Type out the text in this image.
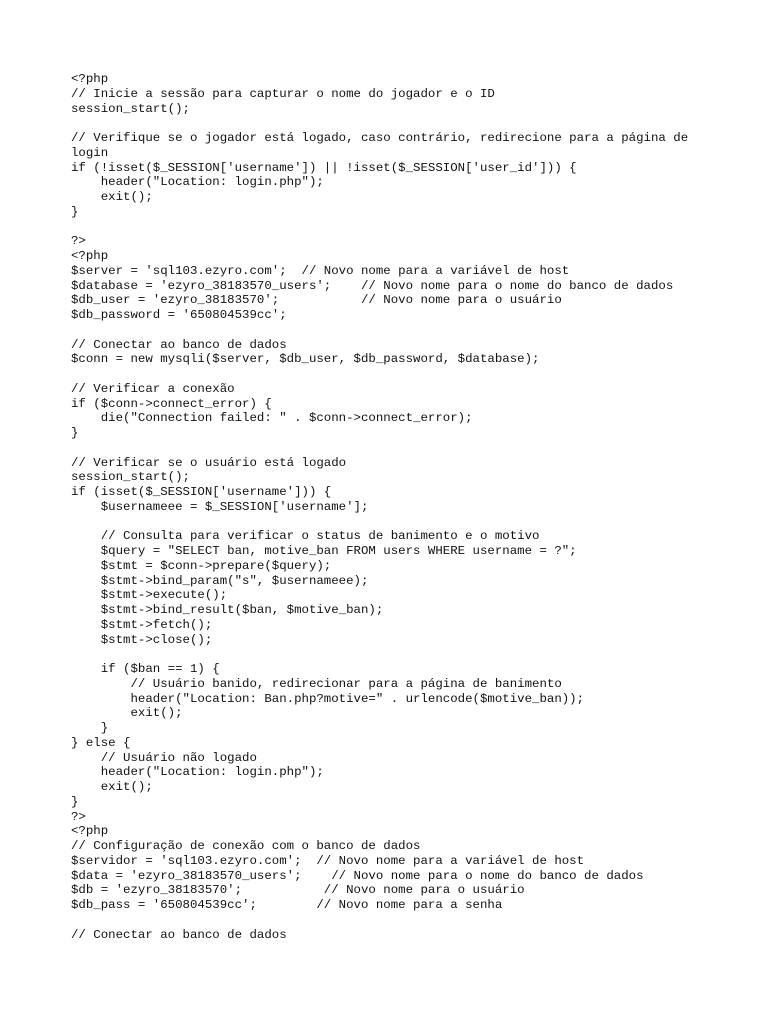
<?php
// Inicie a sessão para capturar o nome do jogador e o ID
session_start();
// Verifique se o jogador está logado, caso contrário, redirecione para a página de
login
if (!isset($_SESSION['username']) || !isset($_SESSION['user_id'])) {
header("Location: login.php");
exit();
}
?>
<?php
$server = 'sql103.ezyro.com';  // Novo nome para a variável de host
$database = 'ezyro_38183570_users';    // Novo nome para o nome do banco de dados
$db_user = 'ezyro_38183570';           // Novo nome para o usuário
$db_password = '650804539cc';
// Conectar ao banco de dados
$conn = new mysqli($server, $db_user, $db_password, $database);
// Verificar a conexão
if ($conn->connect_error) {
die("Connection failed: " . $conn->connect_error);
}
// Verificar se o usuário está logado
session_start();
if (isset($_SESSION['username'])) {
$usernameee = $_SESSION['username'];
// Consulta para verificar o status de banimento e o motivo
$query = "SELECT ban, motive_ban FROM users WHERE username = ?";
$stmt = $conn->prepare($query);
$stmt->bind_param("s", $usernameee);
$stmt->execute();
$stmt->bind_result($ban, $motive_ban);
$stmt->fetch();
$stmt->close();
if ($ban == 1) {
// Usuário banido, redirecionar para a página de banimento
header("Location: Ban.php?motive=" . urlencode($motive_ban));
exit();
}
} else {
// Usuário não logado
header("Location: login.php");
exit();
}
?>
<?php
// Configuração de conexão com o banco de dados
$servidor = 'sql103.ezyro.com';  // Novo nome para a variável de host
$data = 'ezyro_38183570_users';    // Novo nome para o nome do banco de dados
$db = 'ezyro_38183570';           // Novo nome para o usuário
$db_pass = '650804539cc';        // Novo nome para a senha
// Conectar ao banco de dados
